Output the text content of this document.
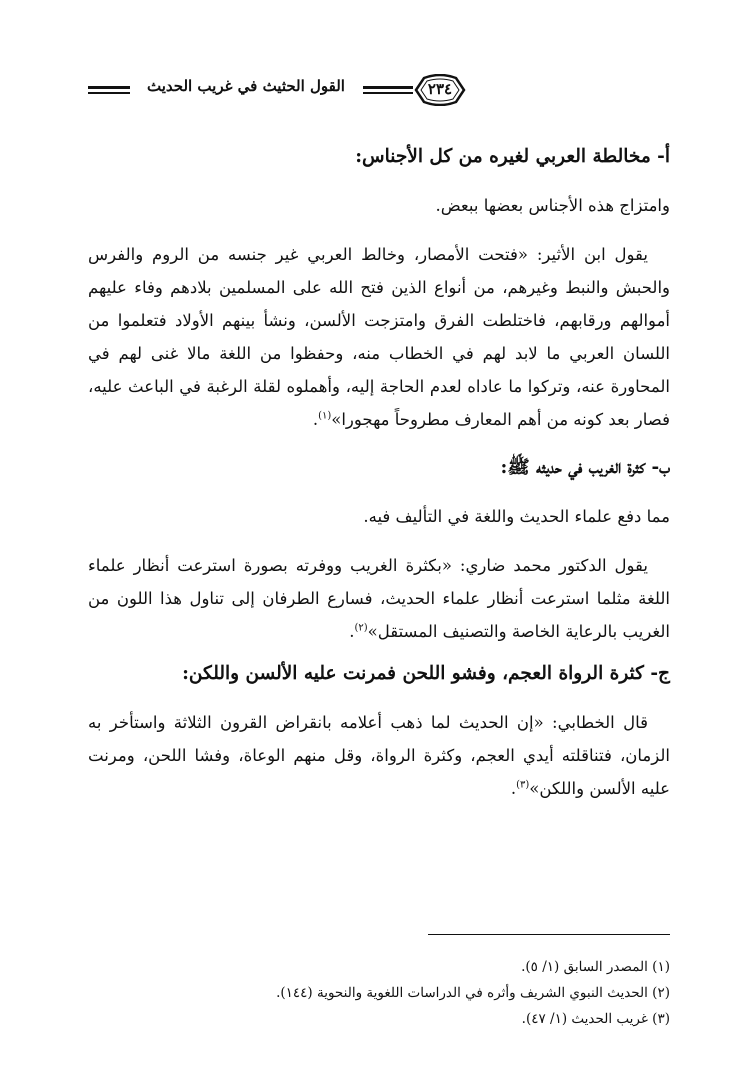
القول الحثيث في غريب الحديث	٢٣٤

أ- مخالطة العربي لغيره من كل الأجناس:

وامتزاج هذه الأجناس بعضها ببعض.

يقول ابن الأثير: «فتحت الأمصار، وخالط العربي غير جنسه من الروم والفرس والحبش والنبط وغيرهم، من أنواع الذين فتح الله على المسلمين بلادهم وفاء عليهم أموالهم ورقابهم، فاختلطت الفرق وامتزجت الألسن، ونشأ بينهم الأولاد فتعلموا من اللسان العربي ما لابد لهم في الخطاب منه، وحفظوا من اللغة مالا غنى لهم في المحاورة عنه، وتركوا ما عاداه لعدم الحاجة إليه، وأهملوه لقلة الرغبة في الباعث عليه، فصار بعد كونه من أهم المعارف مطروحاً مهجورا»$^{(١)}$.

ب- كثرة الغريب في حديثه ﷺ:

مما دفع علماء الحديث واللغة في التأليف فيه.

يقول الدكتور محمد ضاري: «بكثرة الغريب ووفرته بصورة استرعت أنظار علماء اللغة مثلما استرعت أنظار علماء الحديث، فسارع الطرفان إلى تناول هذا اللون من الغريب بالرعاية الخاصة والتصنيف المستقل»$^{(٢)}$.

ج- كثرة الرواة العجم، وفشو اللحن فمرنت عليه الألسن واللكن:

قال الخطابي: «إن الحديث لما ذهب أعلامه بانقراض القرون الثلاثة واستأخر به الزمان، فتناقلته أيدي العجم، وكثرة الرواة، وقل منهم الوعاة، وفشا اللحن، ومرنت عليه الألسن واللكن»$^{(٣)}$.

(١) المصدر السابق (١/ ٥).

(٢) الحديث النبوي الشريف وأثره في الدراسات اللغوية والنحوية (١٤٤).

(٣) غريب الحديث (١/ ٤٧).
